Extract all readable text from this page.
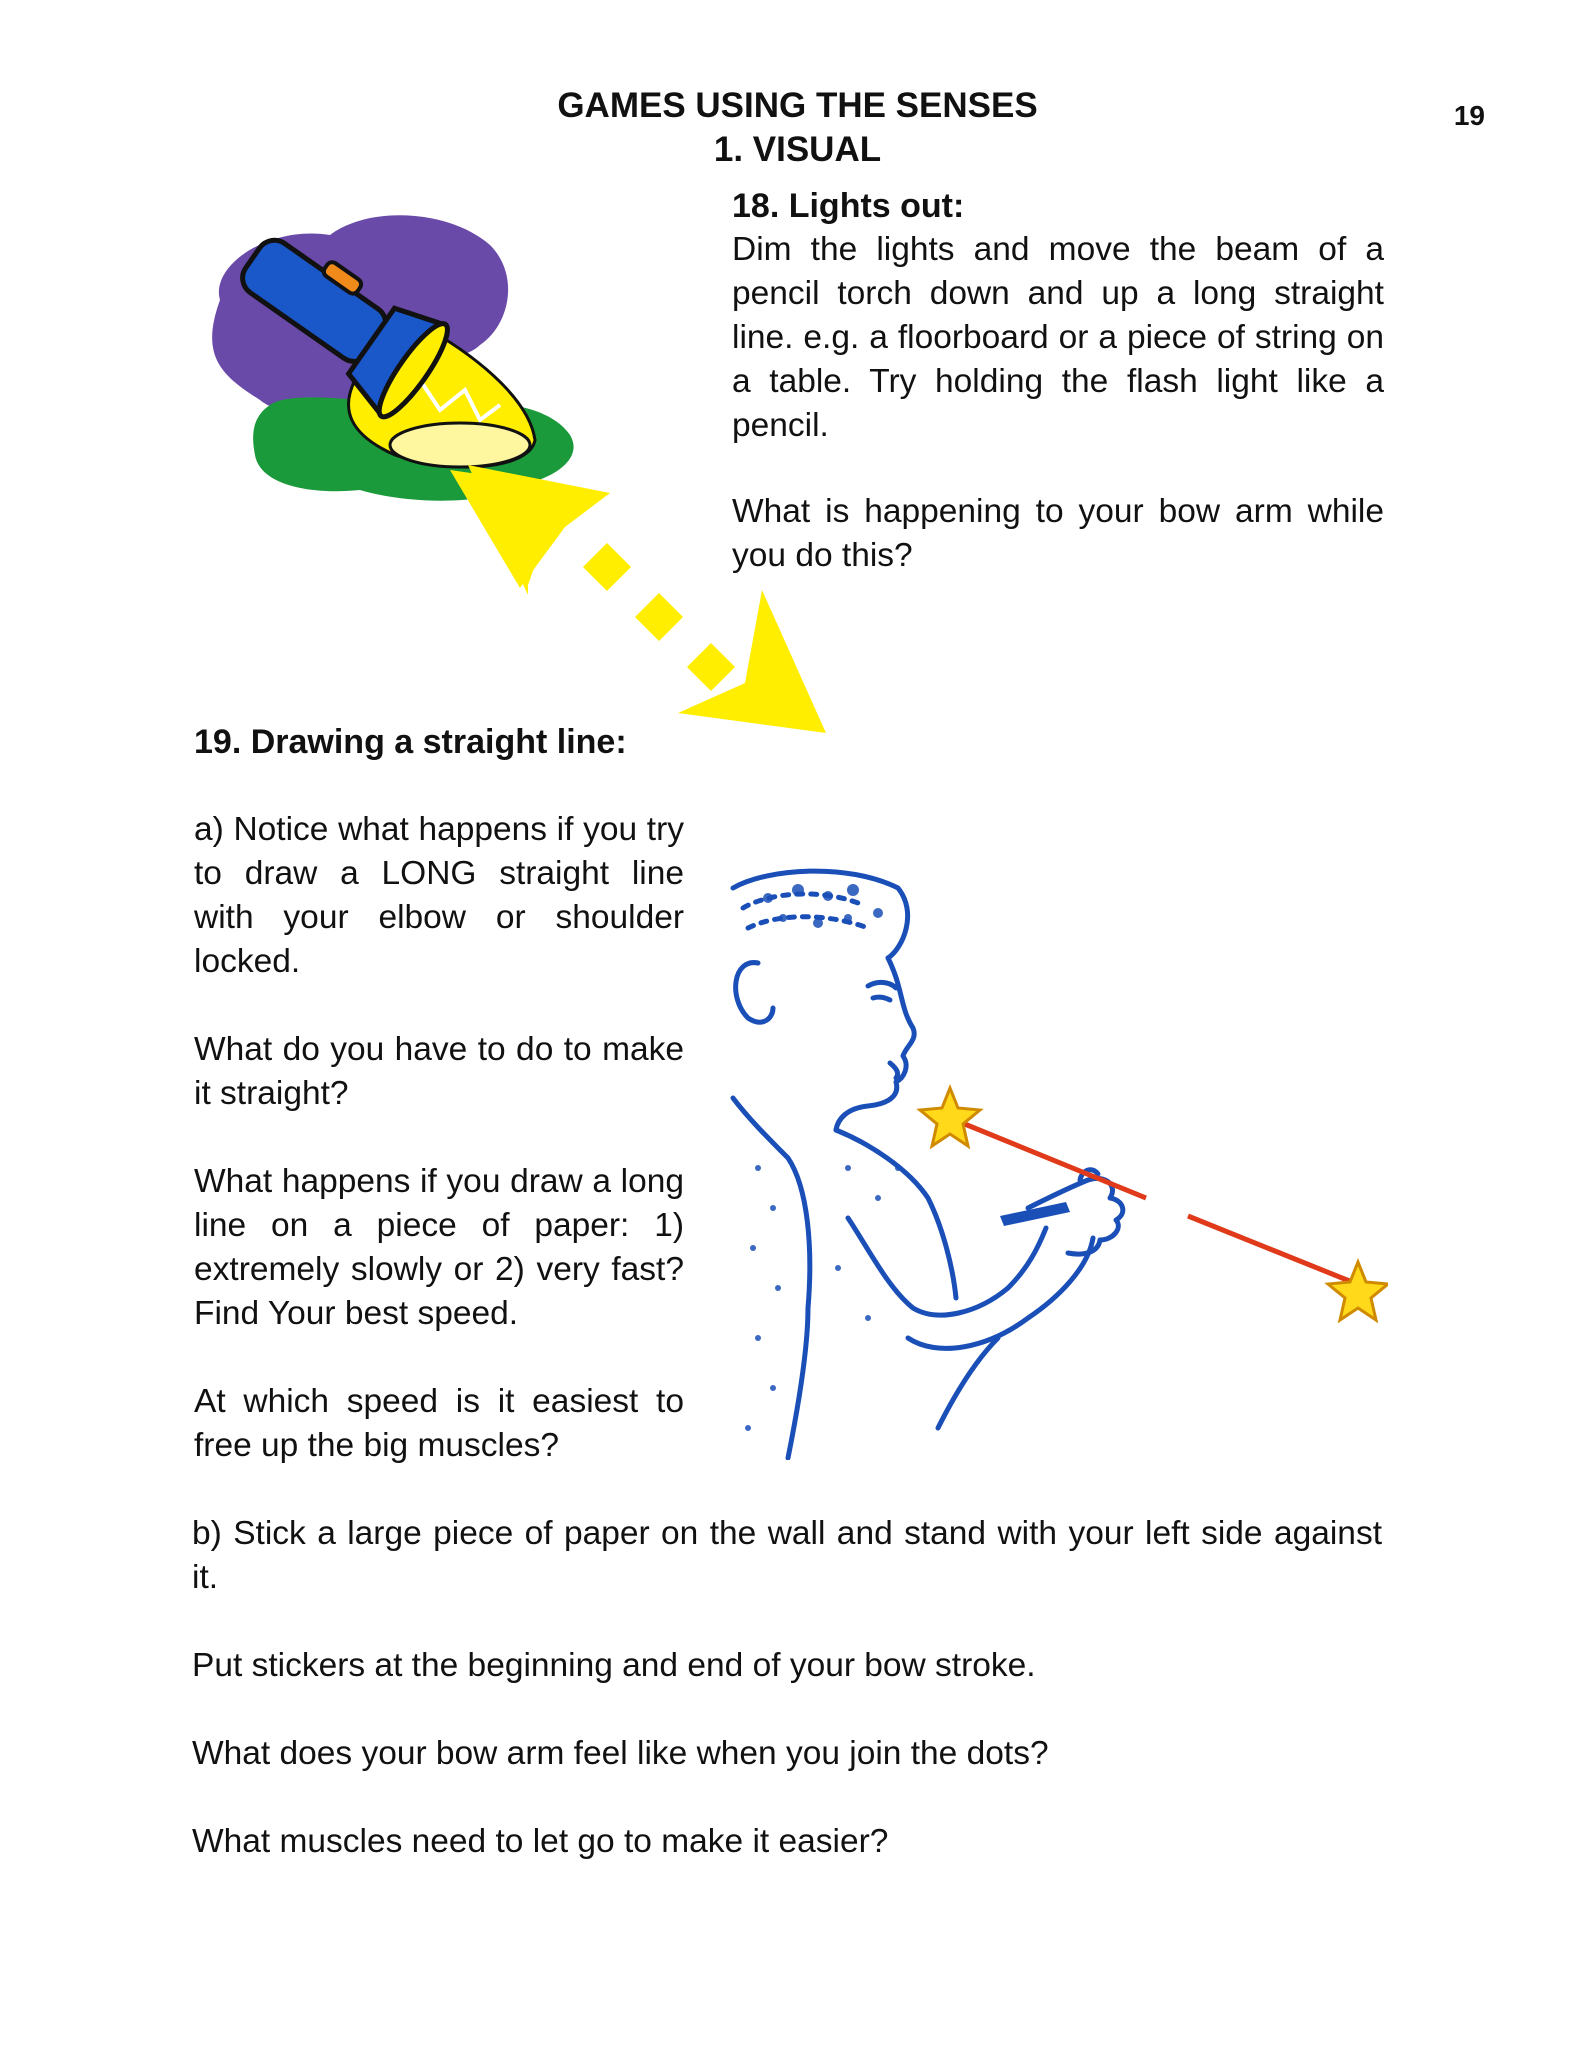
GAMES USING THE SENSES
1. VISUAL
19
18. Lights out:

Dim the lights and move the beam of a pencil torch down and up a long straight line. e.g. a floorboard or a piece of string on a table. Try holding the flash light like a pencil.

What is happening to your bow arm while you do this?

19. Drawing a straight line:

a) Notice what happens if you try to draw a LONG straight line with your elbow or shoulder locked.

What do you have to do to make it straight?

What happens if you draw a long line on a piece of paper: 1) extremely slowly or 2) very fast? Find Your best speed.

At which speed is it easiest to free up the big muscles?

b) Stick a large piece of paper on the wall and stand with your left side against it.

Put stickers at the beginning and end of your bow stroke.

What does your bow arm feel like when you join the dots?

What muscles need to let go to make it easier?
